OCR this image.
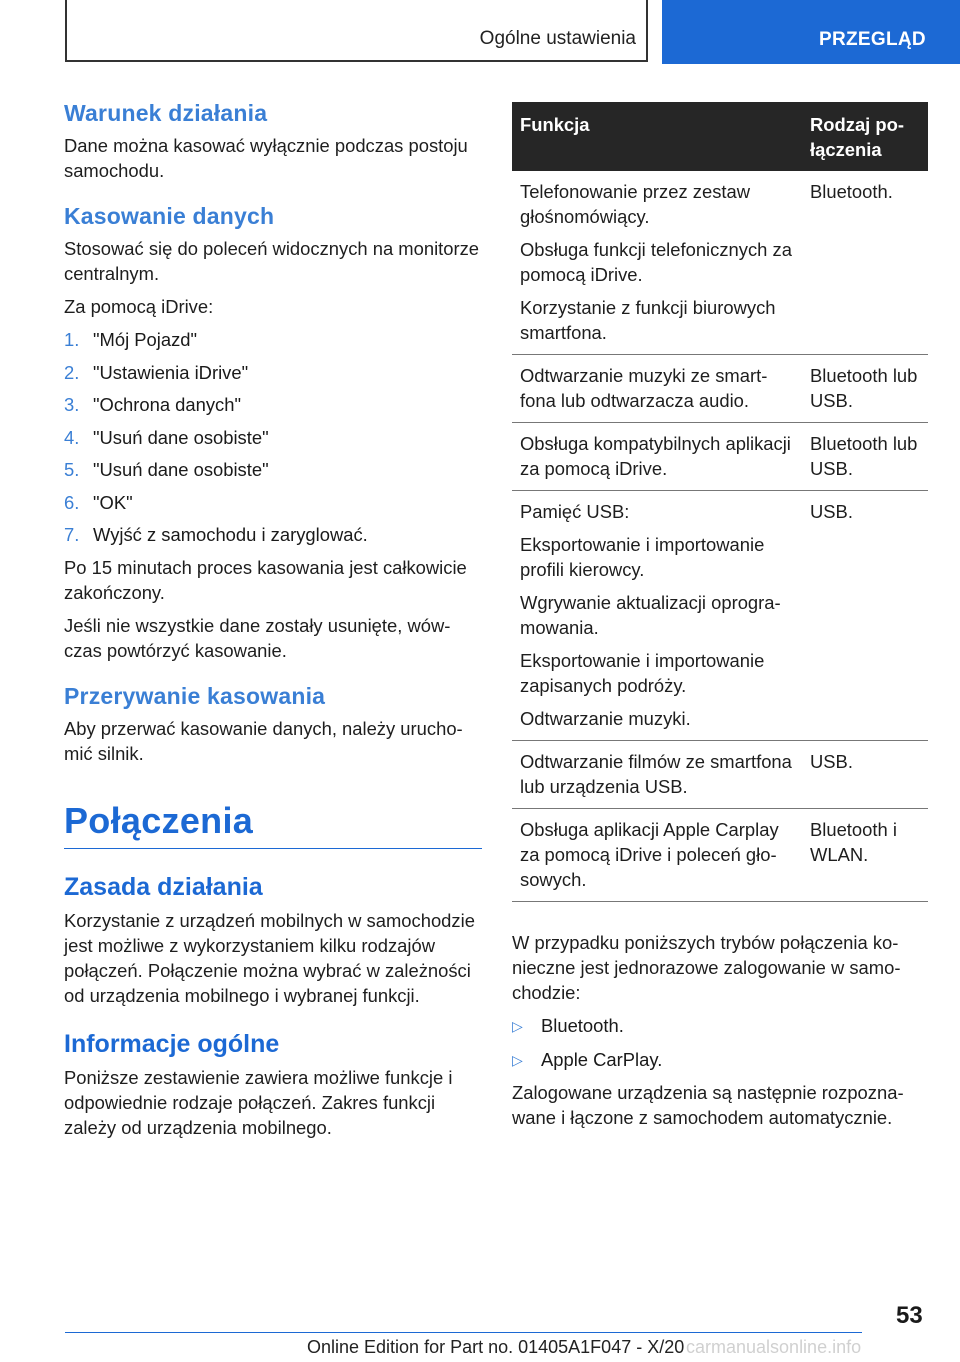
Ogólne ustawienia	PRZEGLĄD
Warunek działania

Dane można kasować wyłącznie podczas postoju samochodu.

Kasowanie danych

Stosować się do poleceń widocznych na monitorze centralnym.

Za pomocą iDrive:

1. "Mój Pojazd"
2. "Ustawienia iDrive"
3. "Ochrona danych"
4. "Usuń dane osobiste"
5. "Usuń dane osobiste"
6. "OK"
7. Wyjść z samochodu i zaryglować.

Po 15 minutach proces kasowania jest całkowicie zakończony.

Jeśli nie wszystkie dane zostały usunięte, wówczas powtórzyć kasowanie.

Przerywanie kasowania

Aby przerwać kasowanie danych, należy uruchomić silnik.

Połączenia
Zasada działania

Korzystanie z urządzeń mobilnych w samochodzie jest możliwe z wykorzystaniem kilku rodzajów połączeń. Połączenie można wybrać w zależności od urządzenia mobilnego i wybranej funkcji.

Informacje ogólne

Poniższe zestawienie zawiera możliwe funkcje i odpowiednie rodzaje połączeń. Zakres funkcji zależy od urządzenia mobilnego.

Funkcja	Rodzaj połączenia

Telefonowanie przez zestaw głośnomówiący.
Obsługa funkcji telefonicznych za pomocą iDrive.
Korzystanie z funkcji biurowych smartfona.	Bluetooth.

Odtwarzanie muzyki ze smartfona lub odtwarzacza audio.	Bluetooth lub USB.

Obsługa kompatybilnych aplikacji za pomocą iDrive.	Bluetooth lub USB.

Pamięć USB:
Eksportowanie i importowanie profili kierowcy.
Wgrywanie aktualizacji oprogramowania.
Eksportowanie i importowanie zapisanych podróży.
Odtwarzanie muzyki.	USB.

Odtwarzanie filmów ze smartfona lub urządzenia USB.	USB.

Obsługa aplikacji Apple Carplay za pomocą iDrive i poleceń głosowych.	Bluetooth i WLAN.

W przypadku poniższych trybów połączenia konieczne jest jednorazowe zalogowanie w samochodzie:

▷ Bluetooth.
▷ Apple CarPlay.

Zalogowane urządzenia są następnie rozpoznawane i łączone z samochodem automatycznie.

53
Online Edition for Part no. 01405A1F047 - X/20 carmanualsonline.info
